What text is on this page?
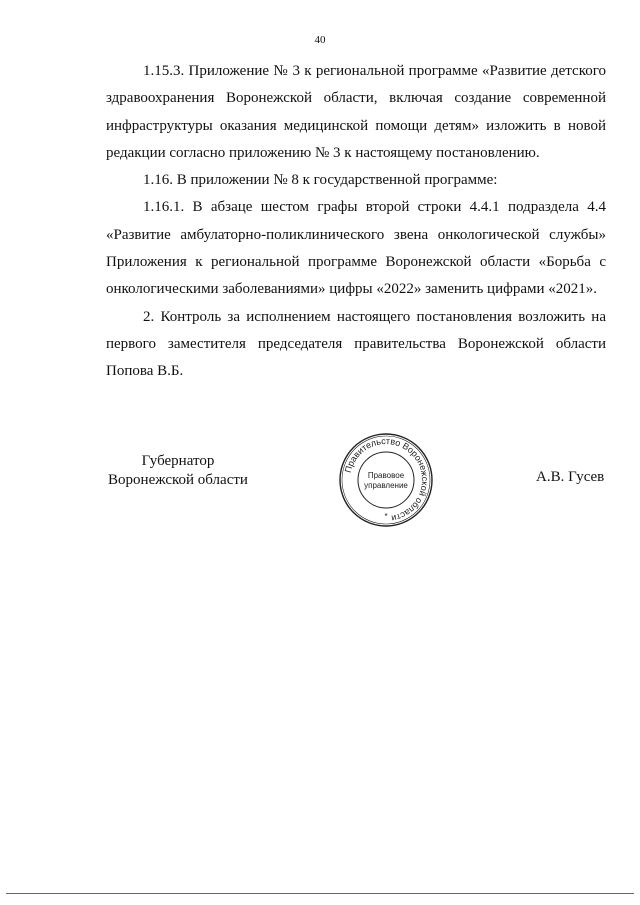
40

1.15.3. Приложение № 3 к региональной программе «Развитие детского здравоохранения Воронежской области, включая создание современной инфраструктуры оказания медицинской помощи детям» изложить в новой редакции согласно приложению № 3 к настоящему постановлению.

1.16. В приложении № 8 к государственной программе:

1.16.1. В абзаце шестом графы второй строки 4.4.1 подраздела 4.4 «Развитие амбулаторно-поликлинического звена онкологической службы» Приложения к региональной программе Воронежской области «Борьба с онкологическими заболеваниями» цифры «2022» заменить цифрами «2021».

2. Контроль за исполнением настоящего постановления возложить на первого заместителя председателя правительства Воронежской области Попова В.Б.

Губернатор
Воронежской области
Правительство Воронежской области
Правовое
управление
*
А.В. Гусев
